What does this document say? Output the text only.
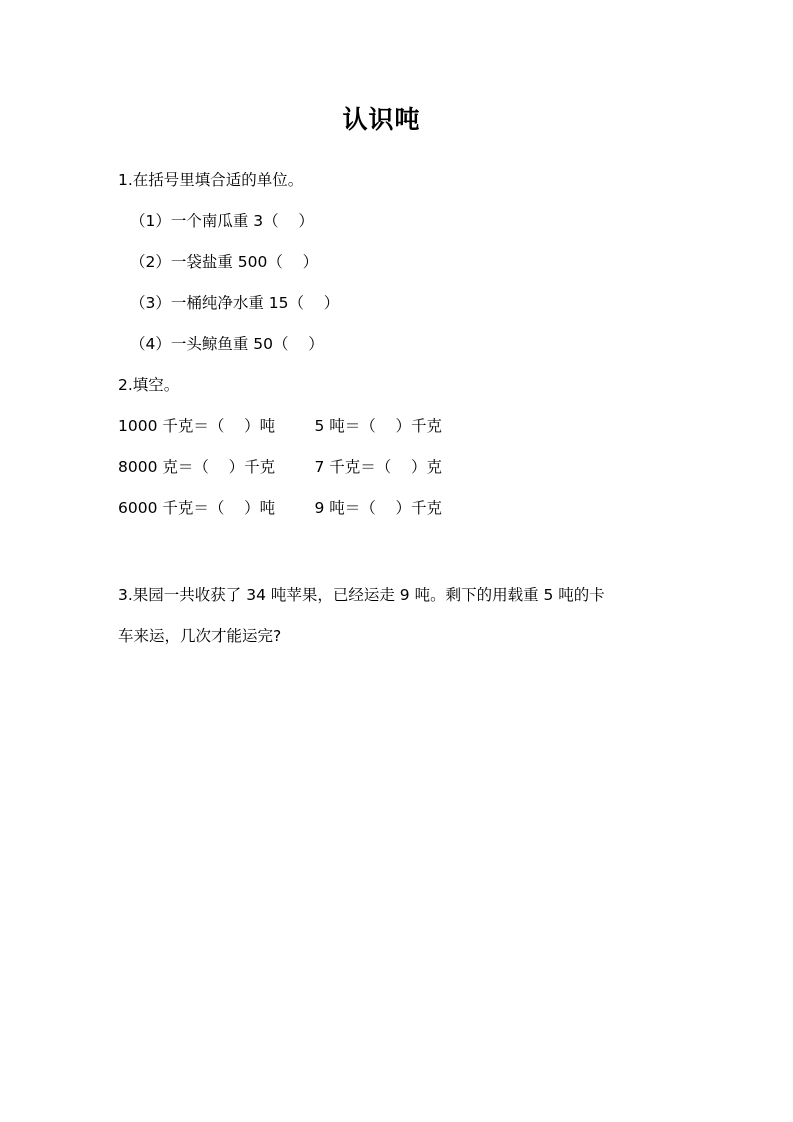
认识吨
1.在括号里填合适的单位。
（1）一个南瓜重 3（    ）
（2）一袋盐重 500（    ）
（3）一桶纯净水重 15（    ）
（4）一头鲸鱼重 50（    ）
2.填空。
1000 千克＝（    ）吨        5 吨＝（    ）千克
8000 克＝（    ）千克        7 千克＝（    ）克
6000 千克＝（    ）吨        9 吨＝（    ）千克
3.果园一共收获了 34 吨苹果，已经运走 9 吨。剩下的用载重 5 吨的卡
车来运，几次才能运完?
